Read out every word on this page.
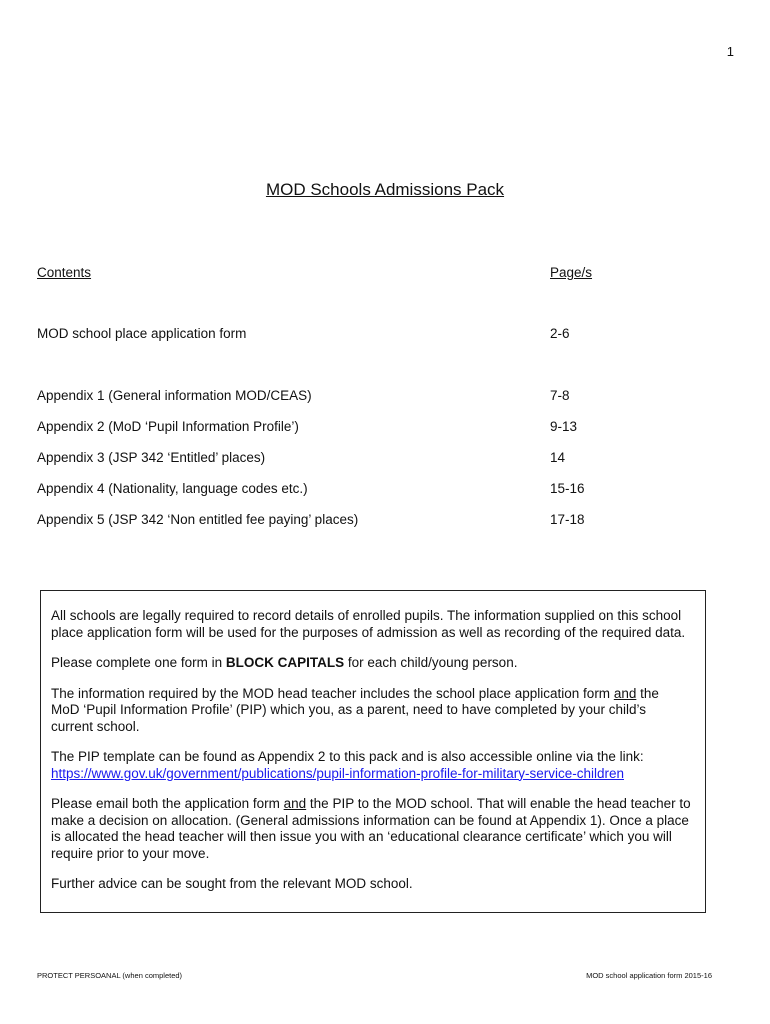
1
MOD Schools Admissions Pack
Contents	Page/s
MOD school place application form	2-6
Appendix 1 (General information MOD/CEAS)	7-8
Appendix 2 (MoD ‘Pupil Information Profile’)	9-13
Appendix 3 (JSP 342 ‘Entitled’ places)	14
Appendix 4 (Nationality, language codes etc.)	15-16
Appendix 5 (JSP 342 ‘Non entitled fee paying’ places)	17-18

All schools are legally required to record details of enrolled pupils. The information supplied on this school place application form will be used for the purposes of admission as well as recording of the required data.

Please complete one form in BLOCK CAPITALS for each child/young person.

The information required by the MOD head teacher includes the school place application form and the MoD ‘Pupil Information Profile’ (PIP) which you, as a parent, need to have completed by your child’s current school.

The PIP template can be found as Appendix 2 to this pack and is also accessible online via the link:
https://www.gov.uk/government/publications/pupil-information-profile-for-military-service-children

Please email both the application form and the PIP to the MOD school. That will enable the head teacher to make a decision on allocation. (General admissions information can be found at Appendix 1). Once a place is allocated the head teacher will then issue you with an ‘educational clearance certificate’ which you will require prior to your move.

Further advice can be sought from the relevant MOD school.

PROTECT PERSOANAL (when completed)	MOD school application form 2015-16
